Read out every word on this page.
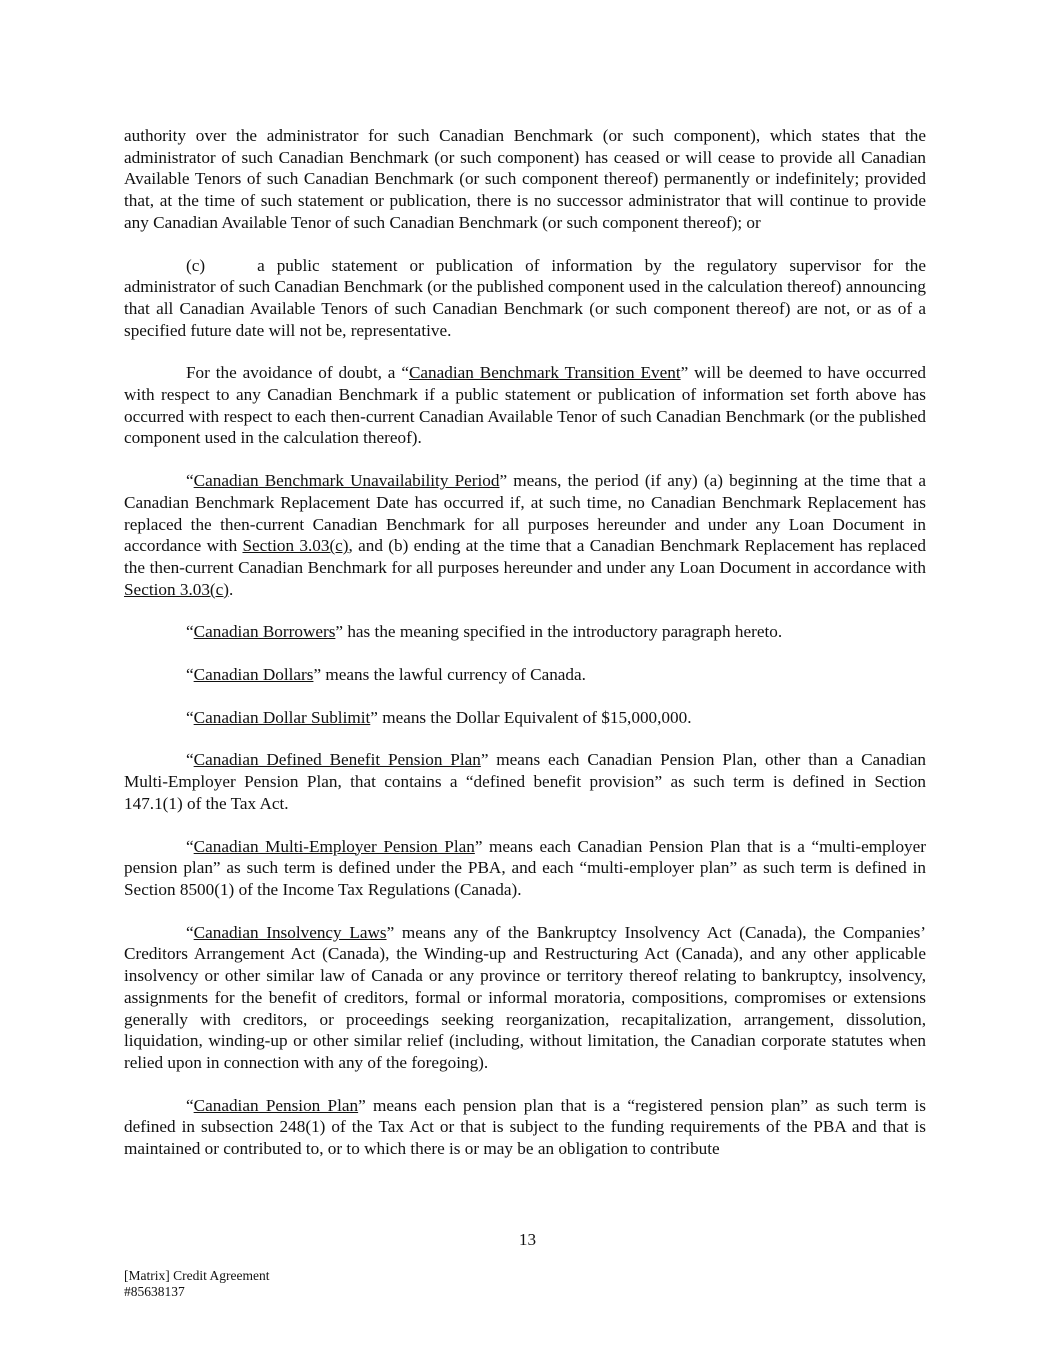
authority over the administrator for such Canadian Benchmark (or such component), which states that the administrator of such Canadian Benchmark (or such component) has ceased or will cease to provide all Canadian Available Tenors of such Canadian Benchmark (or such component thereof) permanently or indefinitely; provided that, at the time of such statement or publication, there is no successor administrator that will continue to provide any Canadian Available Tenor of such Canadian Benchmark (or such component thereof); or

(c)	a public statement or publication of information by the regulatory supervisor for the administrator of such Canadian Benchmark (or the published component used in the calculation thereof) announcing that all Canadian Available Tenors of such Canadian Benchmark (or such component thereof) are not, or as of a specified future date will not be, representative.

For the avoidance of doubt, a “Canadian Benchmark Transition Event” will be deemed to have occurred with respect to any Canadian Benchmark if a public statement or publication of information set forth above has occurred with respect to each then-current Canadian Available Tenor of such Canadian Benchmark (or the published component used in the calculation thereof).

“Canadian Benchmark Unavailability Period” means, the period (if any) (a) beginning at the time that a Canadian Benchmark Replacement Date has occurred if, at such time, no Canadian Benchmark Replacement has replaced the then-current Canadian Benchmark for all purposes hereunder and under any Loan Document in accordance with Section 3.03(c), and (b) ending at the time that a Canadian Benchmark Replacement has replaced the then-current Canadian Benchmark for all purposes hereunder and under any Loan Document in accordance with Section 3.03(c).

“Canadian Borrowers” has the meaning specified in the introductory paragraph hereto.

“Canadian Dollars” means the lawful currency of Canada.

“Canadian Dollar Sublimit” means the Dollar Equivalent of $15,000,000.

“Canadian Defined Benefit Pension Plan” means each Canadian Pension Plan, other than a Canadian Multi-Employer Pension Plan, that contains a “defined benefit provision” as such term is defined in Section 147.1(1) of the Tax Act.

“Canadian Multi-Employer Pension Plan” means each Canadian Pension Plan that is a “multi-employer pension plan” as such term is defined under the PBA, and each “multi-employer plan” as such term is defined in Section 8500(1) of the Income Tax Regulations (Canada).

“Canadian Insolvency Laws” means any of the Bankruptcy Insolvency Act (Canada), the Companies’ Creditors Arrangement Act (Canada), the Winding-up and Restructuring Act (Canada), and any other applicable insolvency or other similar law of Canada or any province or territory thereof relating to bankruptcy, insolvency, assignments for the benefit of creditors, formal or informal moratoria, compositions, compromises or extensions generally with creditors, or proceedings seeking reorganization, recapitalization, arrangement, dissolution, liquidation, winding-up or other similar relief (including, without limitation, the Canadian corporate statutes when relied upon in connection with any of the foregoing).

“Canadian Pension Plan” means each pension plan that is a “registered pension plan” as such term is defined in subsection 248(1) of the Tax Act or that is subject to the funding requirements of the PBA and that is maintained or contributed to, or to which there is or may be an obligation to contribute

13
[Matrix] Credit Agreement
#85638137
